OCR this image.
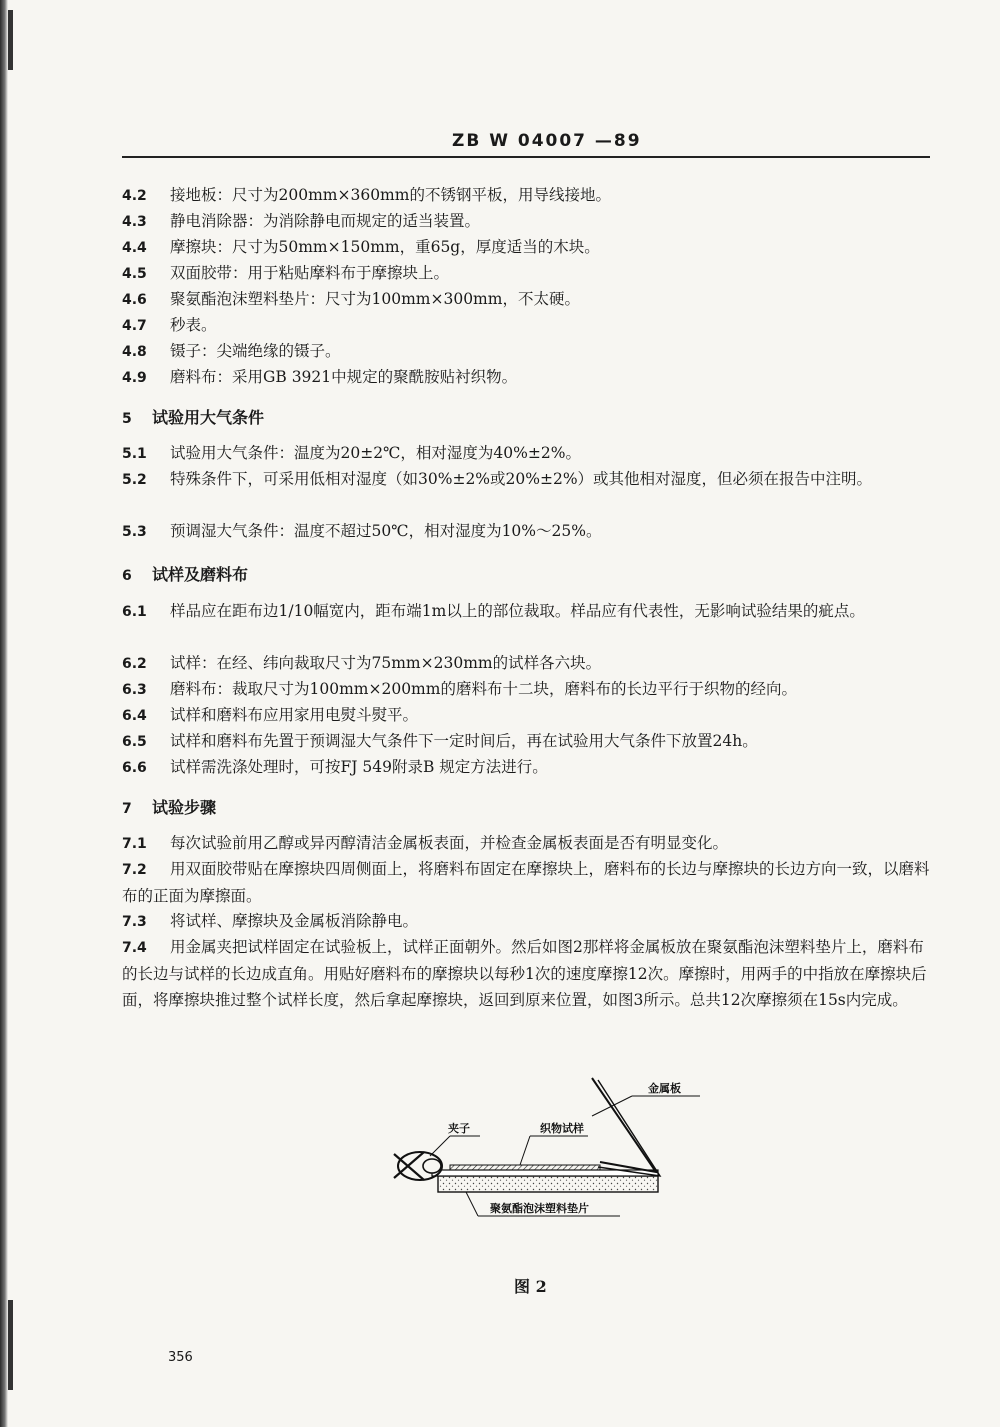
ZB W 04007 —89
4.2 接地板：尺寸为200mm×360mm的不锈钢平板，用导线接地。
4.3 静电消除器：为消除静电而规定的适当装置。
4.4 摩擦块：尺寸为50mm×150mm，重65g，厚度适当的木块。
4.5 双面胶带：用于粘贴摩料布于摩擦块上。
4.6 聚氨酯泡沫塑料垫片：尺寸为100mm×300mm，不太硬。
4.7 秒表。
4.8 镊子：尖端绝缘的镊子。
4.9 磨料布：采用GB 3921中规定的聚酰胺贴衬织物。
5 试验用大气条件
5.1 试验用大气条件：温度为20±2℃，相对湿度为40%±2%。
5.2 特殊条件下，可采用低相对湿度（如30%±2%或20%±2%）或其他相对湿度，但必须在报告中注明。
5.3 预调湿大气条件：温度不超过50℃，相对湿度为10%～25%。
6 试样及磨料布
6.1 样品应在距布边1/10幅宽内，距布端1m以上的部位裁取。样品应有代表性，无影响试验结果的疵点。
6.2 试样：在经、纬向裁取尺寸为75mm×230mm的试样各六块。
6.3 磨料布：裁取尺寸为100mm×200mm的磨料布十二块，磨料布的长边平行于织物的经向。
6.4 试样和磨料布应用家用电熨斗熨平。
6.5 试样和磨料布先置于预调湿大气条件下一定时间后，再在试验用大气条件下放置24h。
6.6 试样需洗涤处理时，可按FJ 549附录B 规定方法进行。
7 试验步骤
7.1 每次试验前用乙醇或异丙醇清洁金属板表面，并检查金属板表面是否有明显变化。
7.2 用双面胶带贴在摩擦块四周侧面上，将磨料布固定在摩擦块上，磨料布的长边与摩擦块的长边方向一致，以磨料布的正面为摩擦面。
7.3 将试样、摩擦块及金属板消除静电。
7.4 用金属夹把试样固定在试验板上，试样正面朝外。然后如图2那样将金属板放在聚氨酯泡沫塑料垫片上，磨料布的长边与试样的长边成直角。用贴好磨料布的摩擦块以每秒1次的速度摩擦12次。摩擦时，用两手的中指放在摩擦块后面，将摩擦块推过整个试样长度，然后拿起摩擦块，返回到原来位置，如图3所示。总共12次摩擦须在15s内完成。
金属板
夹子	织物试样
聚氨酯泡沫塑料垫片
图 2
356
